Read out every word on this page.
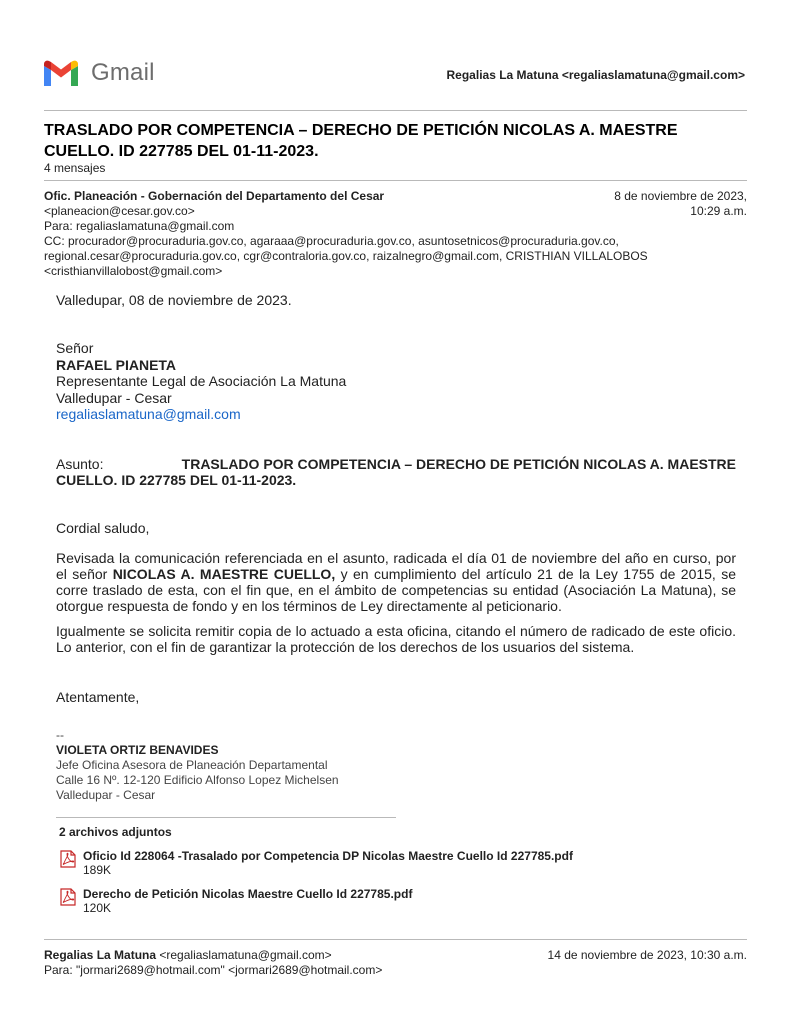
Gmail	Regalias La Matuna <regaliaslamatuna@gmail.com>
TRASLADO POR COMPETENCIA – DERECHO DE PETICIÓN NICOLAS A. MAESTRE CUELLO. ID 227785 DEL 01-11-2023.
4 mensajes
Ofic. Planeación - Gobernación del Departamento del Cesar
<planeacion@cesar.gov.co>
Para: regaliaslamatuna@gmail.com
8 de noviembre de 2023,
10:29 a.m.
CC: procurador@procuraduria.gov.co, agaraaa@procuraduria.gov.co, asuntosetnicos@procuraduria.gov.co,
regional.cesar@procuraduria.gov.co, cgr@contraloria.gov.co, raizalnegro@gmail.com, CRISTHIAN VILLALOBOS
<cristhianvillalobost@gmail.com>
Valledupar, 08 de noviembre de 2023.
Señor
RAFAEL PIANETA
Representante Legal de Asociación La Matuna
Valledupar - Cesar
regaliaslamatuna@gmail.com
Asunto:	TRASLADO POR COMPETENCIA – DERECHO DE PETICIÓN NICOLAS A. MAESTRE
CUELLO. ID 227785 DEL 01-11-2023.
Cordial saludo,
Revisada la comunicación referenciada en el asunto, radicada el día 01 de noviembre del año en curso, por el señor NICOLAS A. MAESTRE CUELLO, y en cumplimiento del artículo 21 de la Ley 1755 de 2015, se corre traslado de esta, con el fin que, en el ámbito de competencias su entidad (Asociación La Matuna), se otorgue respuesta de fondo y en los términos de Ley directamente al peticionario.
Igualmente se solicita remitir copia de lo actuado a esta oficina, citando el número de radicado de este oficio. Lo anterior, con el fin de garantizar la protección de los derechos de los usuarios del sistema.
Atentamente,
--
VIOLETA ORTIZ BENAVIDES
Jefe Oficina Asesora de Planeación Departamental
Calle 16 Nº. 12-120 Edificio Alfonso Lopez Michelsen
Valledupar - Cesar
2 archivos adjuntos
Oficio Id 228064 -Trasalado por Competencia DP Nicolas Maestre Cuello Id 227785.pdf
189K
Derecho de Petición Nicolas Maestre Cuello Id 227785.pdf
120K
Regalias La Matuna <regaliaslamatuna@gmail.com>	14 de noviembre de 2023, 10:30 a.m.
Para: "jormari2689@hotmail.com" <jormari2689@hotmail.com>
